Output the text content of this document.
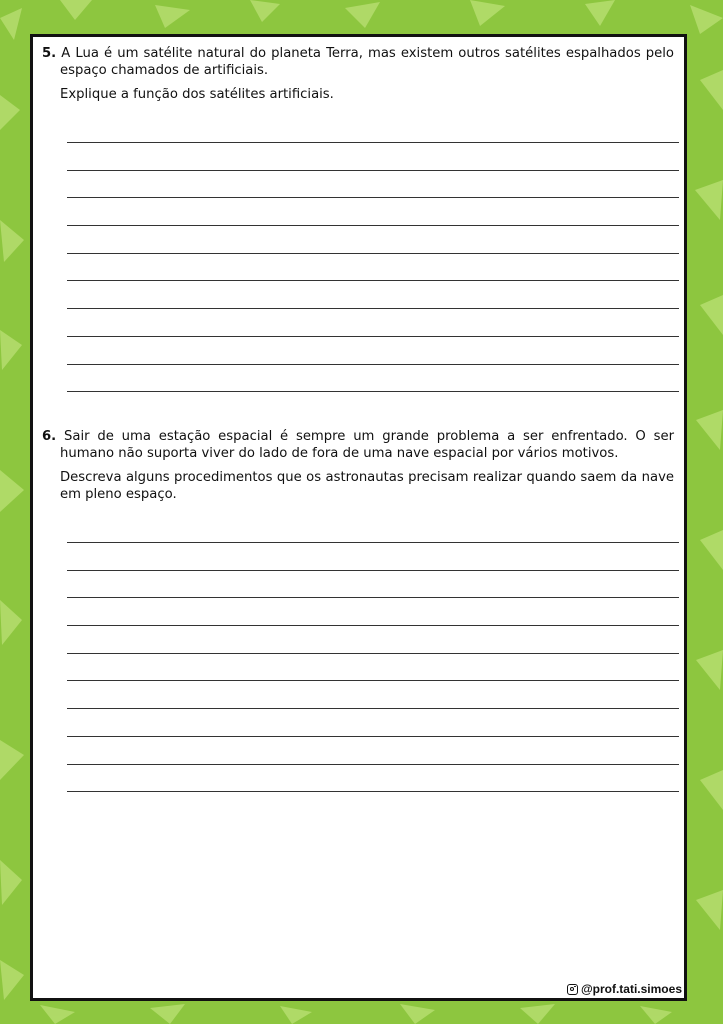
5. A Lua é um satélite natural do planeta Terra, mas existem outros satélites espalhados pelo espaço chamados de artificiais.

Explique a função dos satélites artificiais.

6. Sair de uma estação espacial é sempre um grande problema a ser enfrentado. O ser humano não suporta viver do lado de fora de uma nave espacial por vários motivos.

Descreva alguns procedimentos que os astronautas precisam realizar quando saem da nave em pleno espaço.

@prof.tati.simoes
